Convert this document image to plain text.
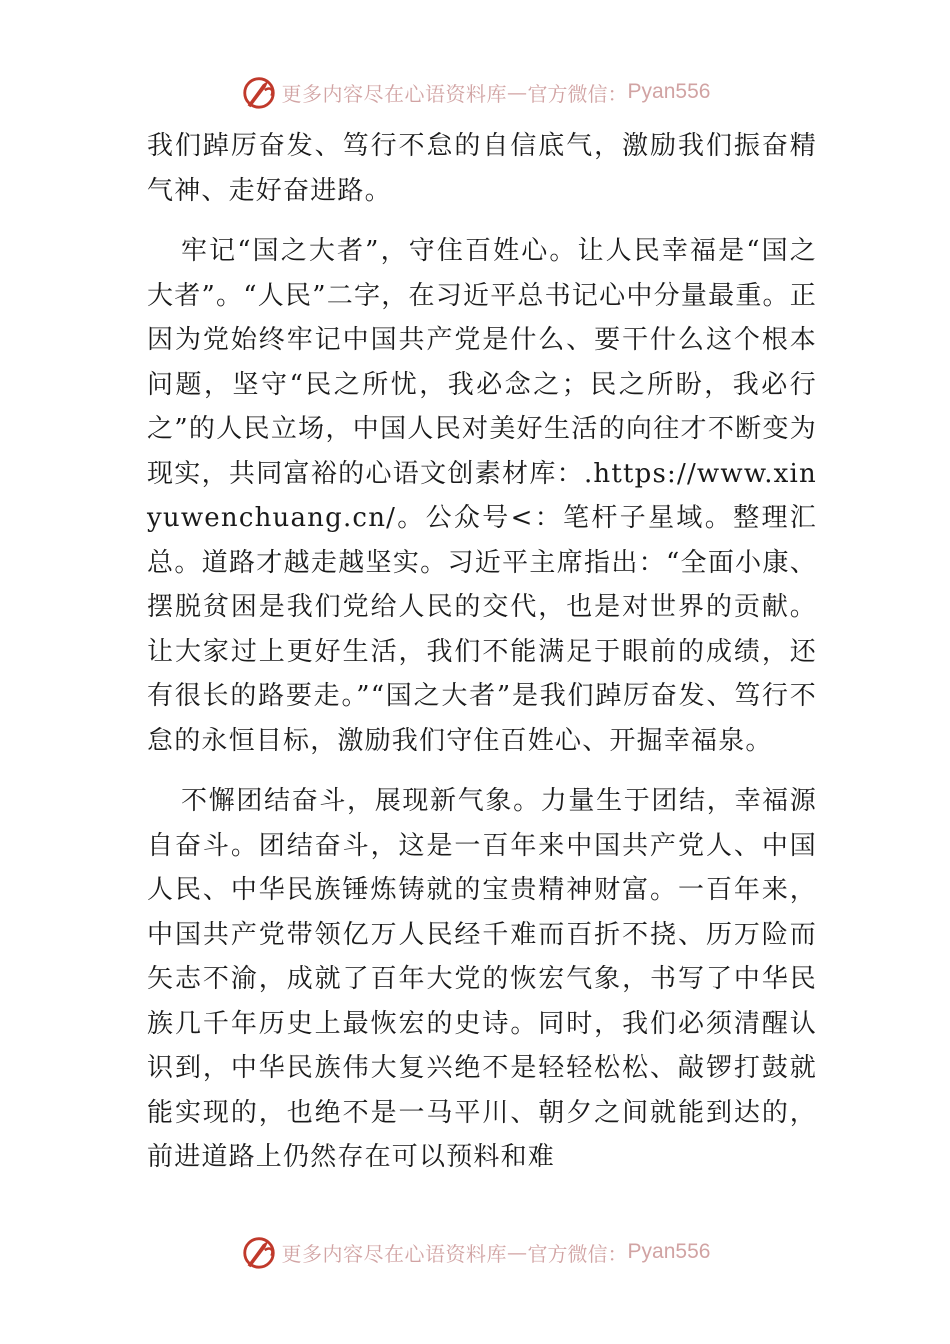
更多内容尽在心语资料库 — 官方微信： Pyan556

我们踔厉奋发、笃行不怠的自信底气，激励我们振奋精气神、走好奋进路。

牢记“国之大者”，守住百姓心。让人民幸福是“国之大者”。“人民”二字，在习近平总书记心中分量最重。正因为党始终牢记中国共产党是什么、要干什么这个根本问题，坚守“民之所忧，我必念之；民之所盼，我必行之”的人民立场，中国人民对美好生活的向往才不断变为现实，共同富裕的心语文创素材库：.https://www.xinyuwenchuang.cn/。公众号<：笔杆子星域。整理汇总。道路才越走越坚实。习近平主席指出：“全面小康、摆脱贫困是我们党给人民的交代，也是对世界的贡献。让大家过上更好生活，我们不能满足于眼前的成绩，还有很长的路要走。”“国之大者”是我们踔厉奋发、笃行不怠的永恒目标，激励我们守住百姓心、开掘幸福泉。

不懈团结奋斗，展现新气象。力量生于团结，幸福源自奋斗。团结奋斗，这是一百年来中国共产党人、中国人民、中华民族锤炼铸就的宝贵精神财富。一百年来，中国共产党带领亿万人民经千难而百折不挠、历万险而矢志不渝，成就了百年大党的恢宏气象，书写了中华民族几千年历史上最恢宏的史诗。同时，我们必须清醒认识到，中华民族伟大复兴绝不是轻轻松松、敲锣打鼓就能实现的，也绝不是一马平川、朝夕之间就能到达的，前进道路上仍然存在可以预料和难

更多内容尽在心语资料库 — 官方微信： Pyan556
